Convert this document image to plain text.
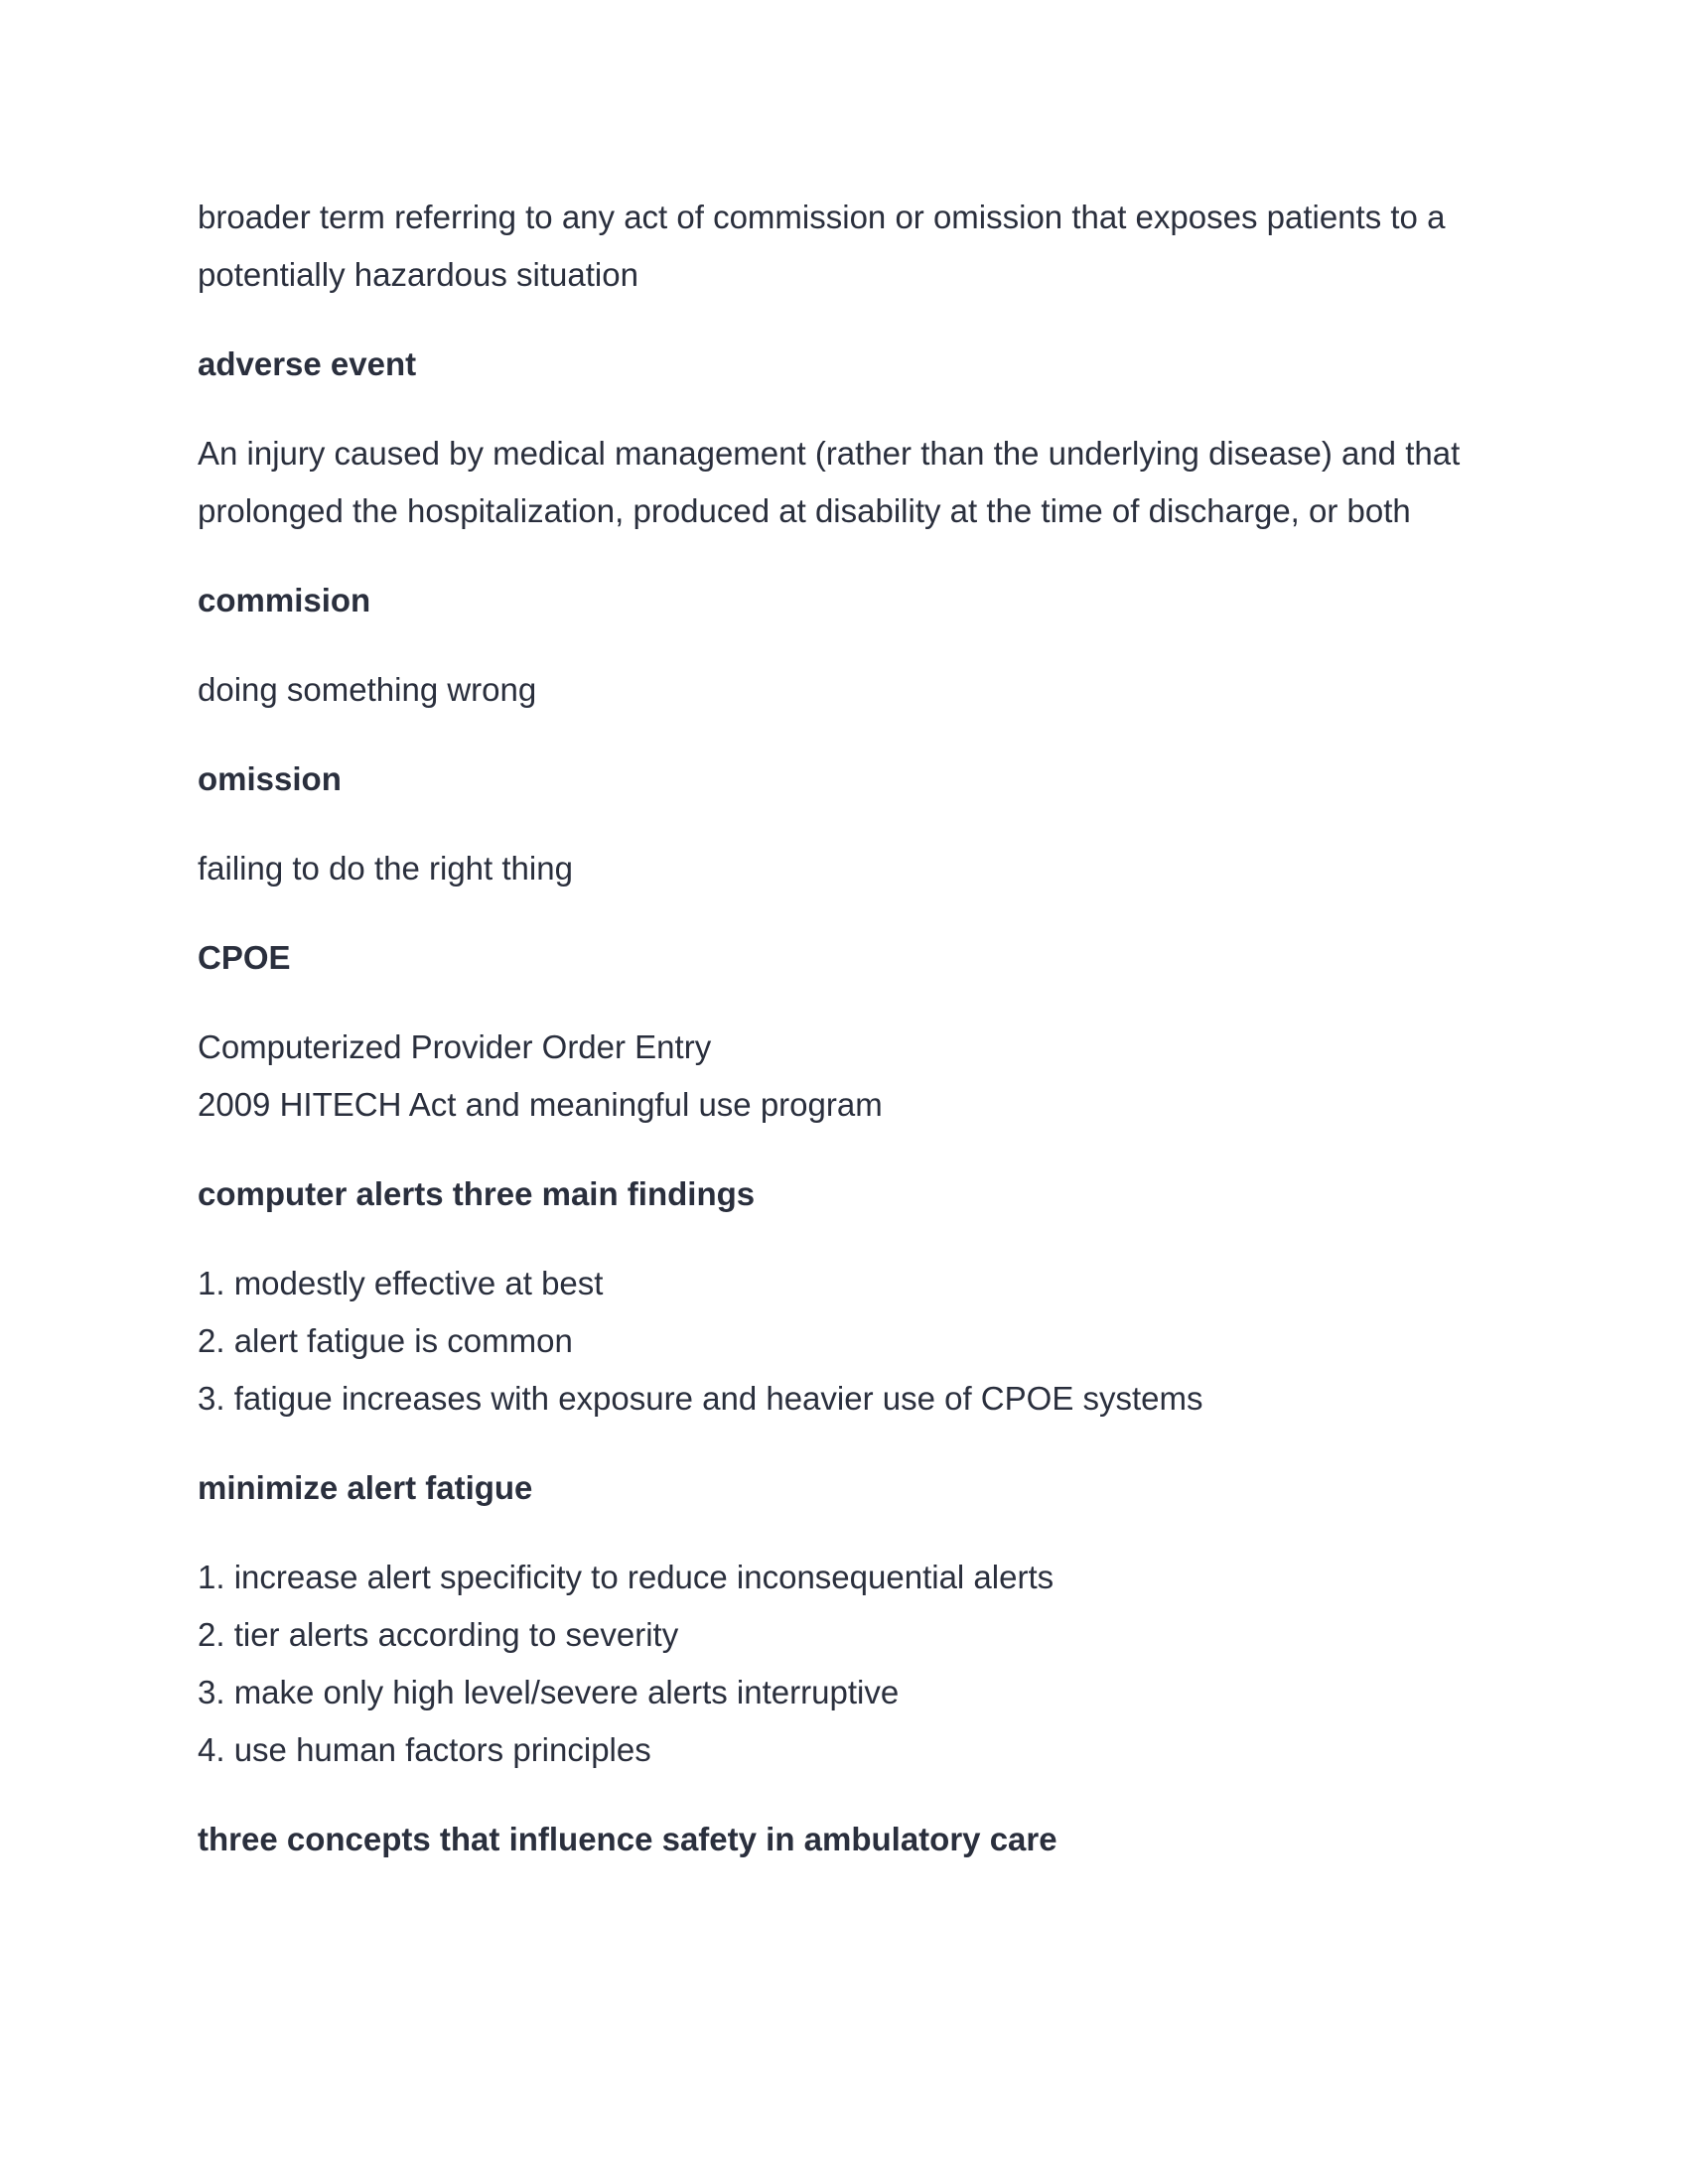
broader term referring to any act of commission or omission that exposes patients to a

potentially hazardous situation

adverse event

An injury caused by medical management (rather than the underlying disease) and that

prolonged the hospitalization, produced at disability at the time of discharge, or both

commision

doing something wrong

omission

failing to do the right thing

CPOE

Computerized Provider Order Entry

2009 HITECH Act and meaningful use program

computer alerts three main findings

1. modestly effective at best

2. alert fatigue is common

3. fatigue increases with exposure and heavier use of CPOE systems

minimize alert fatigue

1. increase alert specificity to reduce inconsequential alerts

2. tier alerts according to severity

3. make only high level/severe alerts interruptive

4. use human factors principles

three concepts that influence safety in ambulatory care
